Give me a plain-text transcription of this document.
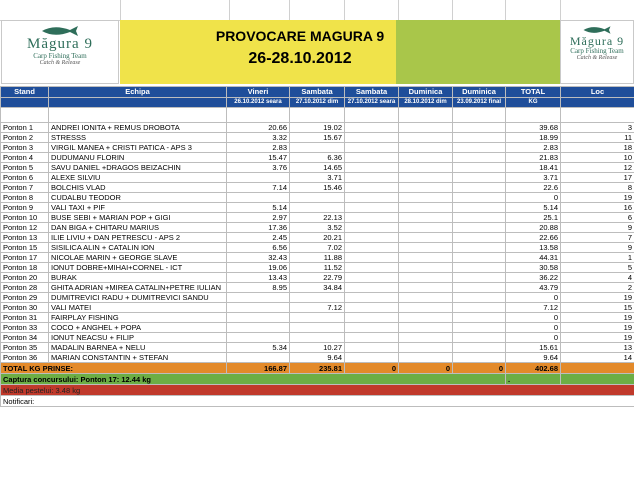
PROVOCARE MAGURA 9
26-28.10.2012
Măgura 9
Carp Fishing Team
Catch & Release
Măgura 9
Carp Fishing Team
Catch & Release
Stand	Echipa	Vineri	Sambata	Sambata	Duminica	Duminica	TOTAL	Loc
		26.10.2012 seara	27.10.2012 dim	27.10.2012 seara	28.10.2012 dim	23.09.2012 final	KG	

Ponton 1	ANDREI IONITA + REMUS DROBOTA	20.66	19.02				39.68	3
Ponton 2	STRESSS	3.32	15.67				18.99	11
Ponton 3	VIRGIL MANEA + CRISTI PATICA - APS 3	2.83					2.83	18
Ponton 4	DUDUMANU FLORIN	15.47	6.36				21.83	10
Ponton 5	SAVU DANIEL +DRAGOS BEIZACHIN	3.76	14.65				18.41	12
Ponton 6	ALEXE SILVIU		3.71				3.71	17
Ponton 7	BOLCHIS VLAD	7.14	15.46				22.6	8
Ponton 8	CUDALBU TEODOR						0	19
Ponton 9	VALI TAXI + PIF	5.14					5.14	16
Ponton 10	BUSE SEBI + MARIAN POP + GIGI	2.97	22.13				25.1	6
Ponton 12	DAN BIGA + CHITARU MARIUS	17.36	3.52				20.88	9
Ponton 13	ILIE LIVIU + DAN PETRESCU - APS 2	2.45	20.21				22.66	7
Ponton 15	SISILICA ALIN + CATALIN ION	6.56	7.02				13.58	9
Ponton 17	NICOLAE MARIN + GEORGE SLAVE	32.43	11.88				44.31	1
Ponton 18	IONUT DOBRE+MIHAI+CORNEL - ICT	19.06	11.52				30.58	5
Ponton 20	BURAK	13.43	22.79				36.22	4
Ponton 28	GHITA ADRIAN +MIREA CATALIN+PETRE IULIAN	8.95	34.84				43.79	2
Ponton 29	DUMITREVICI RADU + DUMITREVICI SANDU						0	19
Ponton 30	VALI MATEI		7.12				7.12	15
Ponton 31	FAIRPLAY FISHING						0	19
Ponton 33	COCO + ANGHEL + POPA						0	19
Ponton 34	IONUT NEACSU + FILIP						0	19
Ponton 35	MADALIN BARNEA + NELU	5.34	10.27				15.61	13
Ponton 36	MARIAN CONSTANTIN + STEFAN		9.64				9.64	14
TOTAL KG PRINSE:		166.87	235.81	0	0	0	402.68	
Captura concursului: Ponton 17: 12.44 kg							.	
Media pestelui: 3.48 kg								
Notificari:								
